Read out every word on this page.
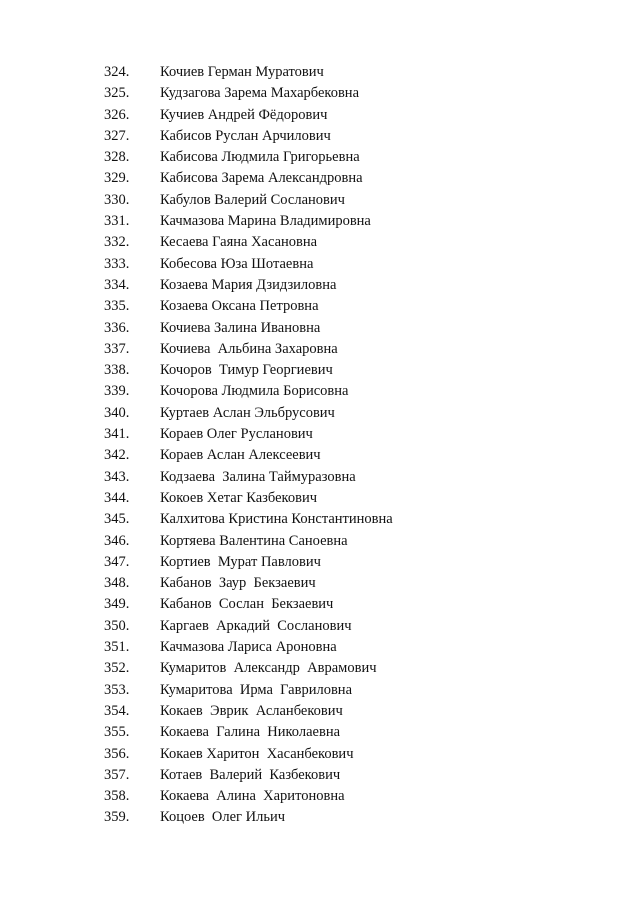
324.	Кочиев Герман Муратович
325.	Кудзагова Зарема Махарбековна
326.	Кучиев Андрей Фёдорович
327.	Кабисов Руслан Арчилович
328.	Кабисова Людмила Григорьевна
329.	Кабисова Зарема Александровна
330.	Кабулов Валерий Сосланович
331.	Качмазова Марина Владимировна
332.	Кесаева Гаяна Хасановна
333.	Кобесова Юза Шотаевна
334.	Козаева Мария Дзидзиловна
335.	Козаева Оксана Петровна
336.	Кочиева Залина Ивановна
337.	Кочиева  Альбина Захаровна
338.	Кочоров  Тимур Георгиевич
339.	Кочорова Людмила Борисовна
340.	Куртаев Аслан Эльбрусович
341.	Кораев Олег Русланович
342.	Кораев Аслан Алексеевич
343.	Кодзаева  Залина Таймуразовна
344.	Кокоев Хетаг Казбекович
345.	Калхитова Кристина Константиновна
346.	Кортяева Валентина Саноевна
347.	Кортиев  Мурат Павлович
348.	Кабанов  Заур  Бекзаевич
349.	Кабанов  Сослан  Бекзаевич
350.	Каргаев  Аркадий  Сосланович
351.	Качмазова Лариса Ароновна
352.	Кумаритов  Александр  Аврамович
353.	Кумаритова  Ирма  Гавриловна
354.	Кокаев  Эврик  Асланбекович
355.	Кокаева  Галина  Николаевна
356.	Кокаев Харитон  Хасанбекович
357.	Котаев  Валерий  Казбекович
358.	Кокаева  Алина  Харитоновна
359.	Коцоев  Олег Ильич
